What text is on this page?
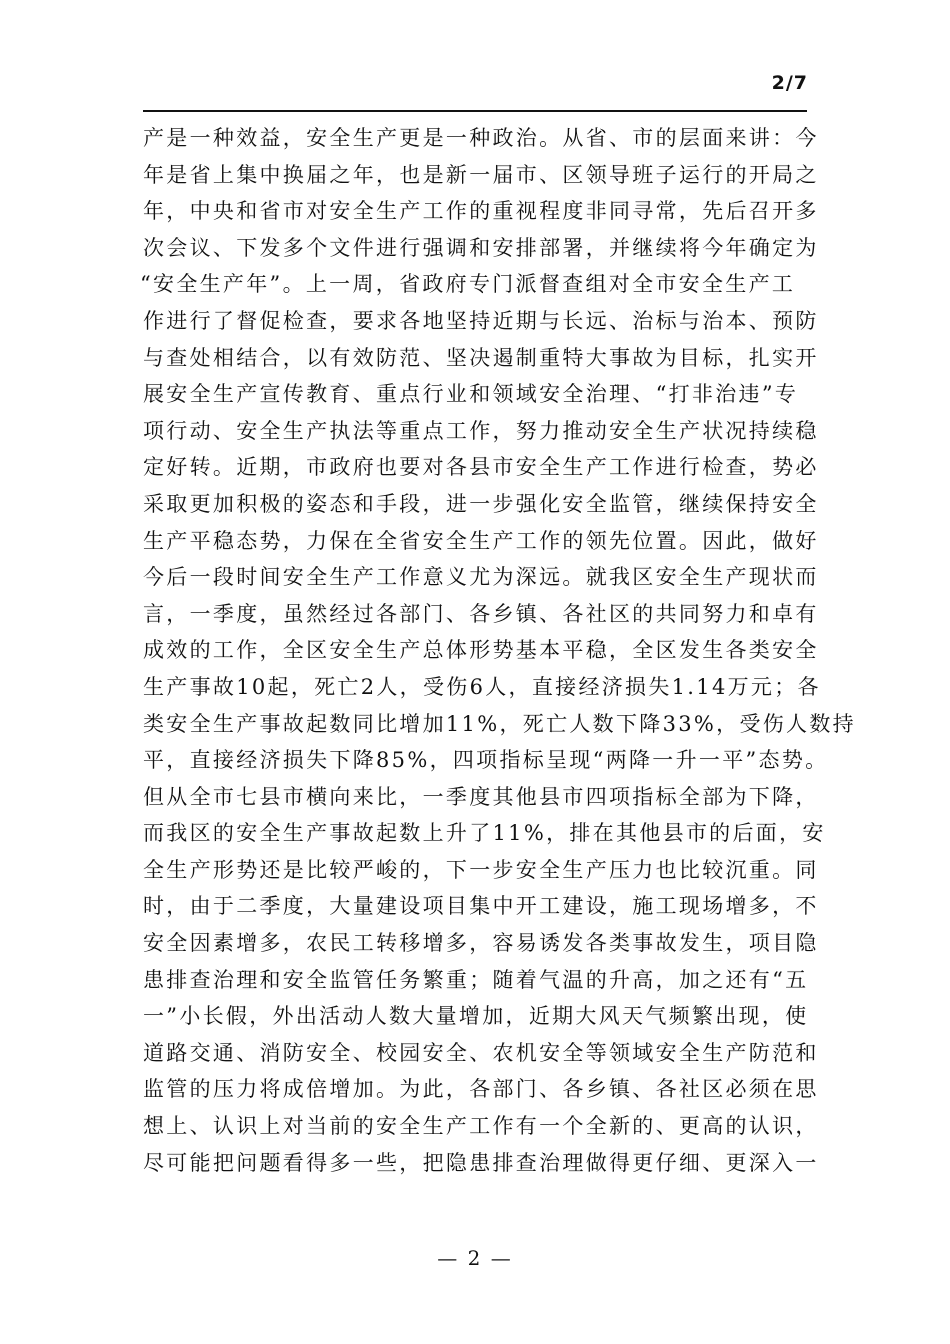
2/7
产是一种效益，安全生产更是一种政治。从省、市的层面来讲：今
年是省上集中换届之年，也是新一届市、区领导班子运行的开局之
年，中央和省市对安全生产工作的重视程度非同寻常，先后召开多
次会议、下发多个文件进行强调和安排部署，并继续将今年确定为
“安全生产年”。上一周，省政府专门派督查组对全市安全生产工
作进行了督促检查，要求各地坚持近期与长远、治标与治本、预防
与查处相结合，以有效防范、坚决遏制重特大事故为目标，扎实开
展安全生产宣传教育、重点行业和领域安全治理、“打非治违”专
项行动、安全生产执法等重点工作，努力推动安全生产状况持续稳
定好转。近期，市政府也要对各县市安全生产工作进行检查，势必
采取更加积极的姿态和手段，进一步强化安全监管，继续保持安全
生产平稳态势，力保在全省安全生产工作的领先位置。因此，做好
今后一段时间安全生产工作意义尤为深远。就我区安全生产现状而
言，一季度，虽然经过各部门、各乡镇、各社区的共同努力和卓有
成效的工作，全区安全生产总体形势基本平稳，全区发生各类安全
生产事故10起，死亡2人，受伤6人，直接经济损失1.14万元；各
类安全生产事故起数同比增加11%，死亡人数下降33%，受伤人数持
平，直接经济损失下降85%，四项指标呈现“两降一升一平”态势。
但从全市七县市横向来比，一季度其他县市四项指标全部为下降，
而我区的安全生产事故起数上升了11%，排在其他县市的后面，安
全生产形势还是比较严峻的，下一步安全生产压力也比较沉重。同
时，由于二季度，大量建设项目集中开工建设，施工现场增多，不
安全因素增多，农民工转移增多，容易诱发各类事故发生，项目隐
患排查治理和安全监管任务繁重；随着气温的升高，加之还有“五
一”小长假，外出活动人数大量增加，近期大风天气频繁出现，使
道路交通、消防安全、校园安全、农机安全等领域安全生产防范和
监管的压力将成倍增加。为此，各部门、各乡镇、各社区必须在思
想上、认识上对当前的安全生产工作有一个全新的、更高的认识，
尽可能把问题看得多一些，把隐患排查治理做得更仔细、更深入一
— 2 —
